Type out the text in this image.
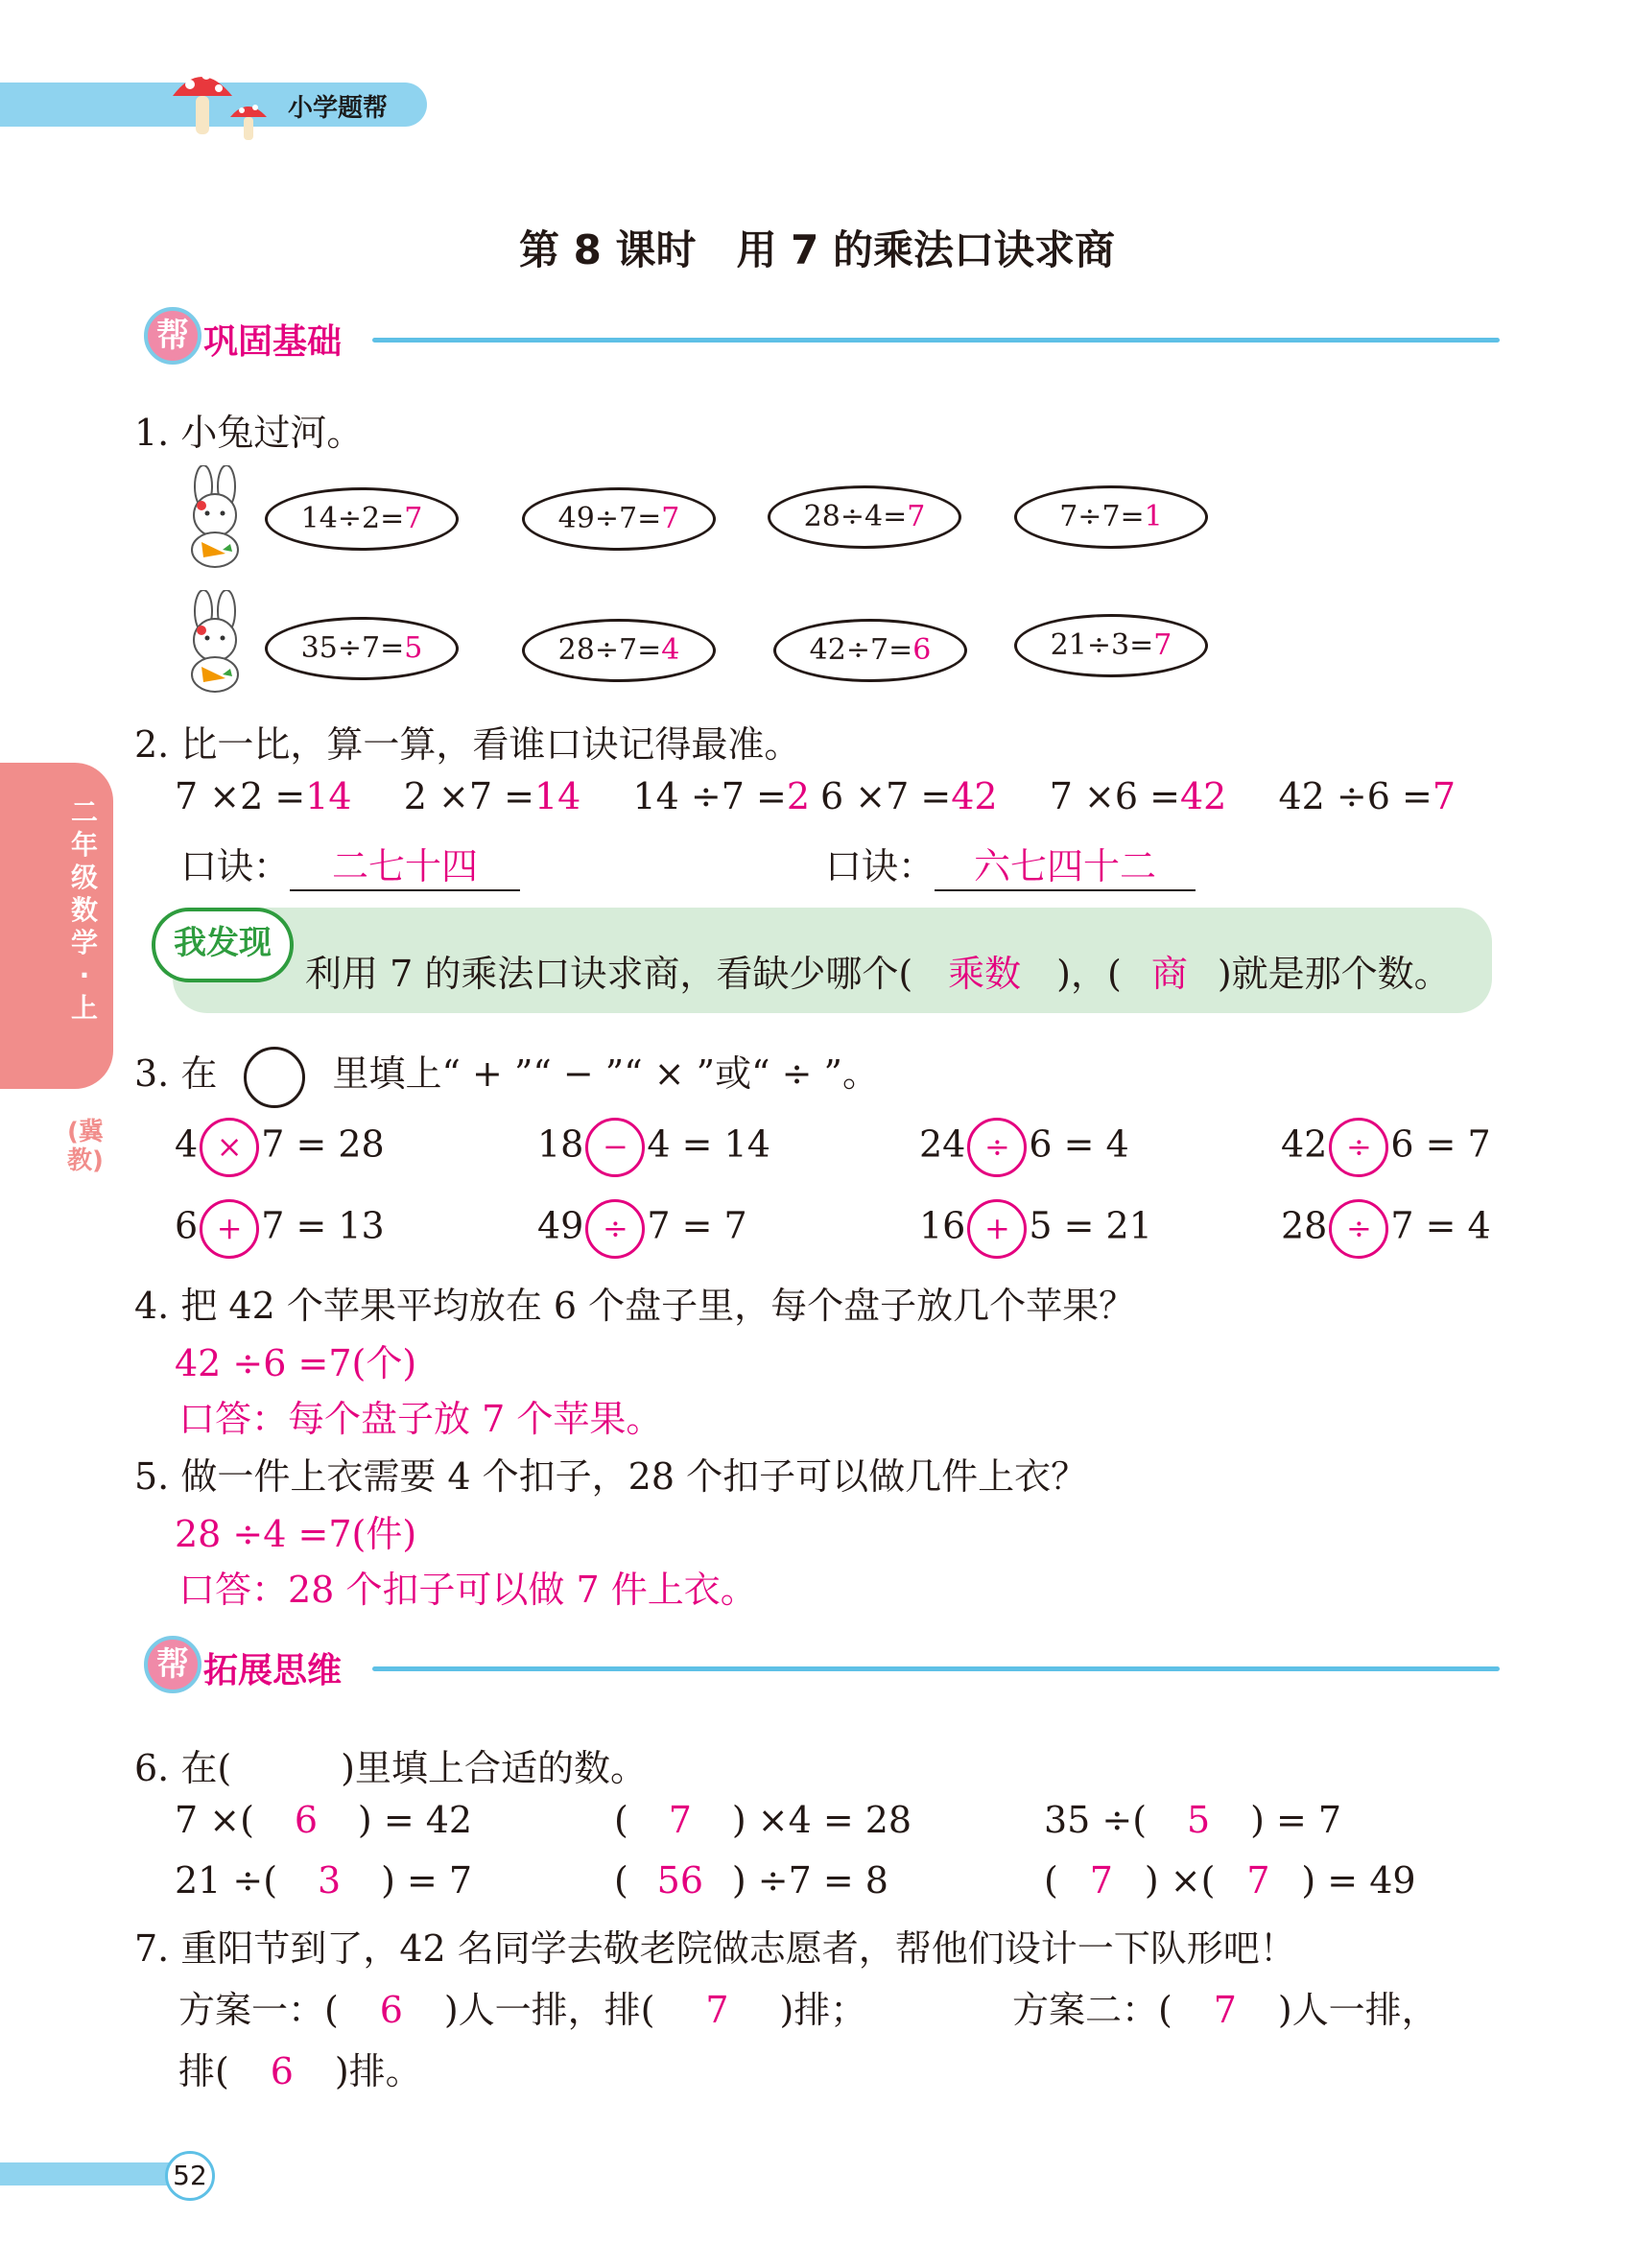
小学题帮
第 8 课时　用 7 的乘法口诀求商
帮 巩固基础
二年级数学·上
(冀教)
1. 小兔过河。
14÷2=7	49÷7=7	28÷4=7	7÷7=1
35÷7=5	28÷7=4	42÷7=6	21÷3=7
2. 比一比，算一算，看谁口诀记得最准。
7 ×2 =14 2 ×7 =14 14 ÷7 =2 6 ×7 =42 7 ×6 =42 42 ÷6 =7
口诀： 二七十四	口诀： 六七四十二
我发现
利用 7 的乘法口诀求商，看缺少哪个( 乘数 )，( 商 )就是那个数。
3. 在	里填上“ + ”“ − ”“ × ”或“ ÷ ”。
4 × 7 = 28	18 − 4 = 14	24 ÷ 6 = 4	42 ÷ 6 = 7
6 + 7 = 13	49 ÷ 7 = 7	16 + 5 = 21	28 ÷ 7 = 4
4. 把 42 个苹果平均放在 6 个盘子里，每个盘子放几个苹果？
42 ÷6 =7(个)
口答：每个盘子放 7 个苹果。
5. 做一件上衣需要 4 个扣子，28 个扣子可以做几件上衣？
28 ÷4 =7(件)
口答：28 个扣子可以做 7 件上衣。
帮 拓展思维
6. 在(　　　)里填上合适的数。
7 ×( 6 ) = 42	( 7 ) ×4 = 28	35 ÷( 5 ) = 7
21 ÷( 3 ) = 7	( 56 ) ÷7 = 8	( 7 ) ×( 7 ) = 49
7. 重阳节到了，42 名同学去敬老院做志愿者，帮他们设计一下队形吧！
方案一：( 6 )人一排，排( 7 )排；	方案二：( 7 )人一排，
排( 6 )排。
52
